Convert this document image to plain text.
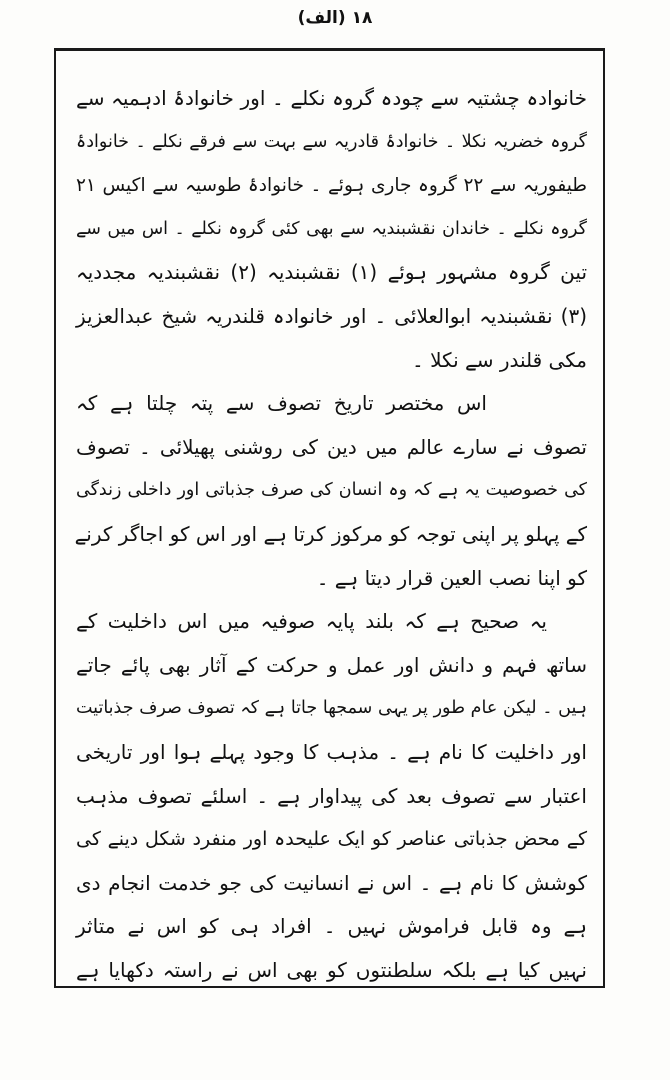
۱۸ (الف)
خانوادہ چشتیہ سے چودہ گروہ نکلے ۔ اور خانوادۂ ادہمیہ سے
گروہ خضریہ نکلا ۔ خانوادۂ قادریہ سے بہت سے فرقے نکلے ۔ خانوادۂ
طیفوریہ سے ۲۲ گروہ جاری ہوئے ۔ خانوادۂ طوسیہ سے اکیس ۲۱
گروہ نکلے ۔ خاندان نقشبندیہ سے بھی کئی گروہ نکلے ۔ اس میں سے
تین گروہ مشہور ہوئے (۱) نقشبندیہ (۲) نقشبندیہ مجددیہ
(۳) نقشبندیہ ابوالعلائی ۔ اور خانوادہ قلندریہ شیخ عبدالعزیز
مکی قلندر سے نکلا ۔
اس مختصر تاریخ تصوف سے پتہ چلتا ہے کہ
تصوف نے سارے عالم میں دین کی روشنی پھیلائی ۔ تصوف
کی خصوصیت یہ ہے کہ وہ انسان کی صرف جذباتی اور داخلی زندگی
کے پہلو پر اپنی توجہ کو مرکوز کرتا ہے اور اس کو اجاگر کرنے
کو اپنا نصب العین قرار دیتا ہے ۔
یہ صحیح ہے کہ بلند پایہ صوفیہ میں اس داخلیت کے
ساتھ فہم و دانش اور عمل و حرکت کے آثار بھی پائے جاتے
ہیں ۔ لیکن عام طور پر یہی سمجھا جاتا ہے کہ تصوف صرف جذباتیت
اور داخلیت کا نام ہے ۔ مذہب کا وجود پہلے ہوا اور تاریخی
اعتبار سے تصوف بعد کی پیداوار ہے ۔ اسلئے تصوف مذہب
کے محض جذباتی عناصر کو ایک علیحدہ اور منفرد شکل دینے کی
کوشش کا نام ہے ۔ اس نے انسانیت کی جو خدمت انجام دی
ہے وہ قابل فراموش نہیں ۔ افراد ہی کو اس نے متاثر
نہیں کیا ہے بلکہ سلطنتوں کو بھی اس نے راستہ دکھایا ہے
